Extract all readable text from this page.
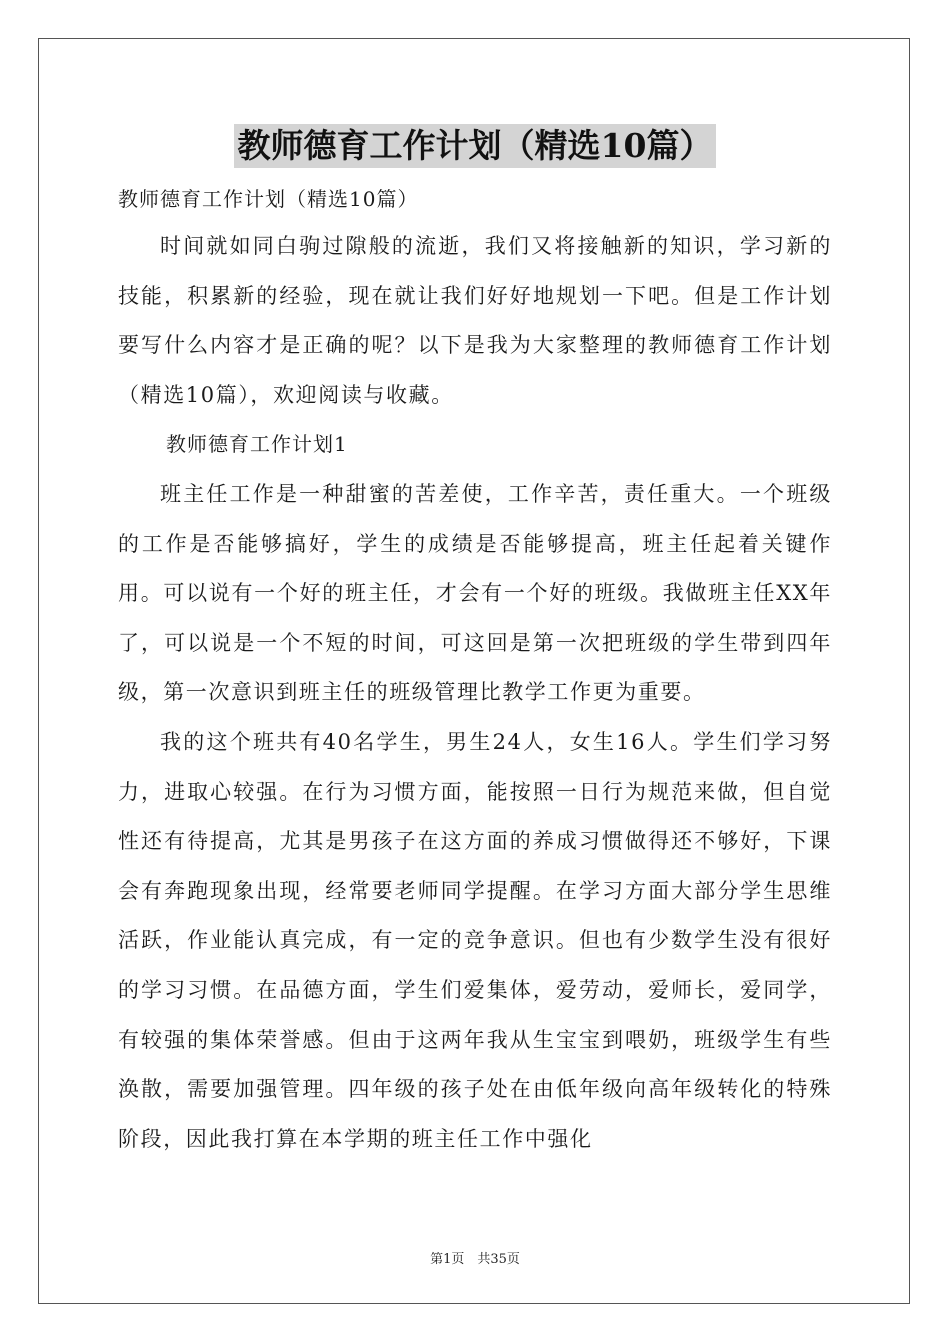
教师德育工作计划（精选10篇）

教师德育工作计划（精选10篇）

时间就如同白驹过隙般的流逝，我们又将接触新的知识，学习新的技能，积累新的经验，现在就让我们好好地规划一下吧。但是工作计划要写什么内容才是正确的呢？以下是我为大家整理的教师德育工作计划（精选10篇），欢迎阅读与收藏。

教师德育工作计划1

班主任工作是一种甜蜜的苦差使，工作辛苦，责任重大。一个班级的工作是否能够搞好，学生的成绩是否能够提高，班主任起着关键作用。可以说有一个好的班主任，才会有一个好的班级。我做班主任XX年了，可以说是一个不短的时间，可这回是第一次把班级的学生带到四年级，第一次意识到班主任的班级管理比教学工作更为重要。

我的这个班共有40名学生，男生24人，女生16人。学生们学习努力，进取心较强。在行为习惯方面，能按照一日行为规范来做，但自觉性还有待提高，尤其是男孩子在这方面的养成习惯做得还不够好，下课会有奔跑现象出现，经常要老师同学提醒。在学习方面大部分学生思维活跃，作业能认真完成，有一定的竞争意识。但也有少数学生没有很好的学习习惯。在品德方面，学生们爱集体，爱劳动，爱师长，爱同学，有较强的集体荣誉感。但由于这两年我从生宝宝到喂奶，班级学生有些涣散，需要加强管理。四年级的孩子处在由低年级向高年级转化的特殊阶段，因此我打算在本学期的班主任工作中强化

第1页　共35页
